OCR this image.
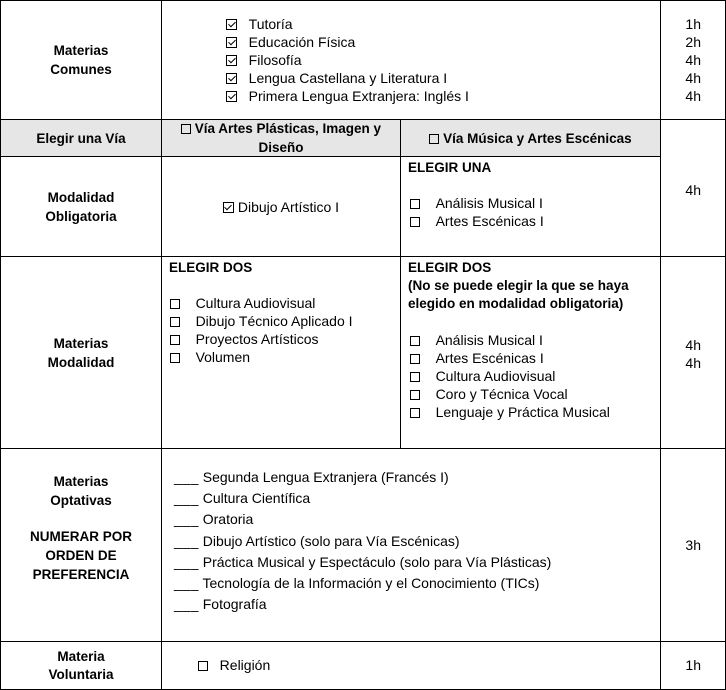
Materias Comunes
Tutoría
Educación Física
Filosofía
Lengua Castellana y Literatura I
Primera Lengua Extranjera: Inglés I
1h
2h
4h
4h
4h
Elegir una Vía
Vía Artes Plásticas, Imagen y Diseño
Vía Música y Artes Escénicas
Modalidad Obligatoria
Dibujo Artístico I
ELEGIR UNA
Análisis Musical I
Artes Escénicas I
4h
Materias Modalidad
ELEGIR DOS
Cultura Audiovisual
Dibujo Técnico Aplicado I
Proyectos Artísticos
Volumen
ELEGIR DOS
(No se puede elegir la que se haya elegido en modalidad obligatoria)
Análisis Musical I
Artes Escénicas I
Cultura Audiovisual
Coro y Técnica Vocal
Lenguaje y Práctica Musical
4h
4h
Materias Optativas
NUMERAR POR ORDEN DE PREFERENCIA
___ Segunda Lengua Extranjera (Francés I)
___ Cultura Científica
___ Oratoria
___ Dibujo Artístico (solo para Vía Escénicas)
___ Práctica Musical y Espectáculo (solo para Vía Plásticas)
___ Tecnología de la Información y el Conocimiento (TICs)
___ Fotografía
3h
Materia Voluntaria
Religión	1h
